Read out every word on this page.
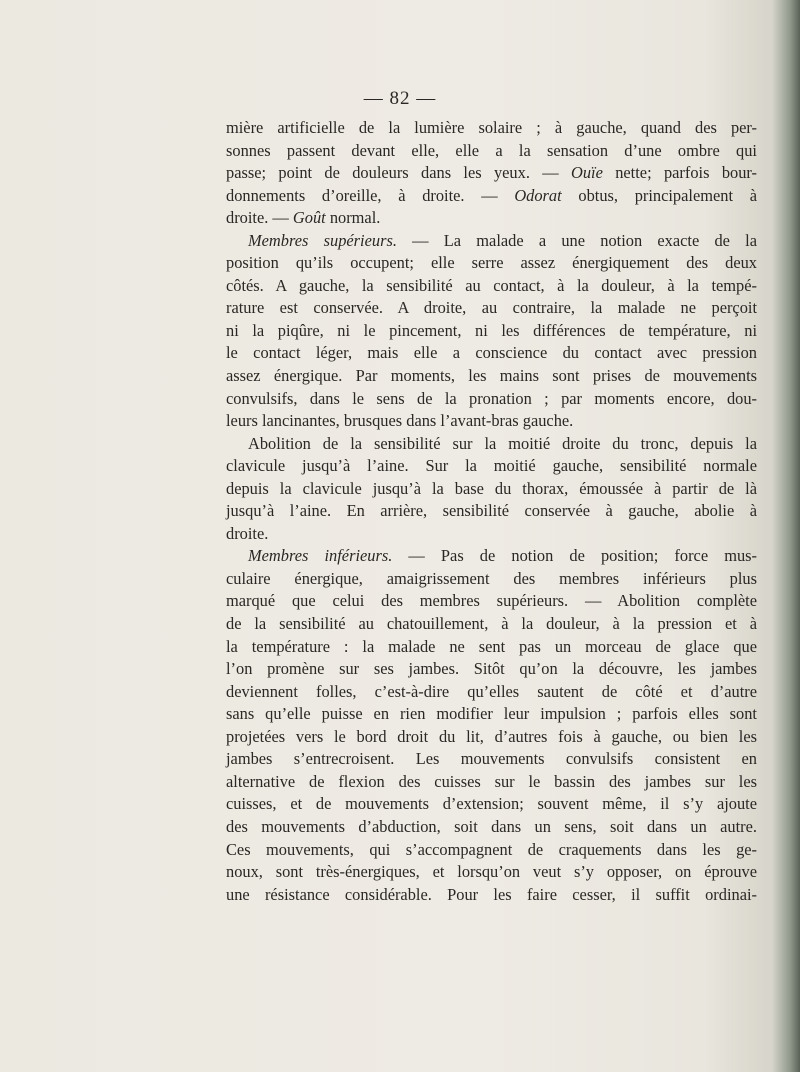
— 82 —
mière artificielle de la lumière solaire ; à gauche, quand des per-
sonnes passent devant elle, elle a la sensation d’une ombre qui
passe; point de douleurs dans les yeux. — Ouïe nette; parfois bour-
donnements d’oreille, à droite. — Odorat obtus, principalement à
droite. — Goût normal.
Membres supérieurs. — La malade a une notion exacte de la
position qu’ils occupent; elle serre assez énergiquement des deux
côtés. A gauche, la sensibilité au contact, à la douleur, à la tempé-
rature est conservée. A droite, au contraire, la malade ne perçoit
ni la piqûre, ni le pincement, ni les différences de température, ni
le contact léger, mais elle a conscience du contact avec pression
assez énergique. Par moments, les mains sont prises de mouvements
convulsifs, dans le sens de la pronation ; par moments encore, dou-
leurs lancinantes, brusques dans l’avant-bras gauche.
Abolition de la sensibilité sur la moitié droite du tronc, depuis la
clavicule jusqu’à l’aine. Sur la moitié gauche, sensibilité normale
depuis la clavicule jusqu’à la base du thorax, émoussée à partir de là
jusqu’à l’aine. En arrière, sensibilité conservée à gauche, abolie à
droite.
Membres inférieurs. — Pas de notion de position; force mus-
culaire énergique, amaigrissement des membres inférieurs plus
marqué que celui des membres supérieurs. — Abolition complète
de la sensibilité au chatouillement, à la douleur, à la pression et à
la température : la malade ne sent pas un morceau de glace que
l’on promène sur ses jambes. Sitôt qu’on la découvre, les jambes
deviennent folles, c’est-à-dire qu’elles sautent de côté et d’autre
sans qu’elle puisse en rien modifier leur impulsion ; parfois elles sont
projetées vers le bord droit du lit, d’autres fois à gauche, ou bien les
jambes s’entrecroisent. Les mouvements convulsifs consistent en
alternative de flexion des cuisses sur le bassin des jambes sur les
cuisses, et de mouvements d’extension; souvent même, il s’y ajoute
des mouvements d’abduction, soit dans un sens, soit dans un autre.
Ces mouvements, qui s’accompagnent de craquements dans les ge-
noux, sont très-énergiques, et lorsqu’on veut s’y opposer, on éprouve
une résistance considérable. Pour les faire cesser, il suffit ordinai-
